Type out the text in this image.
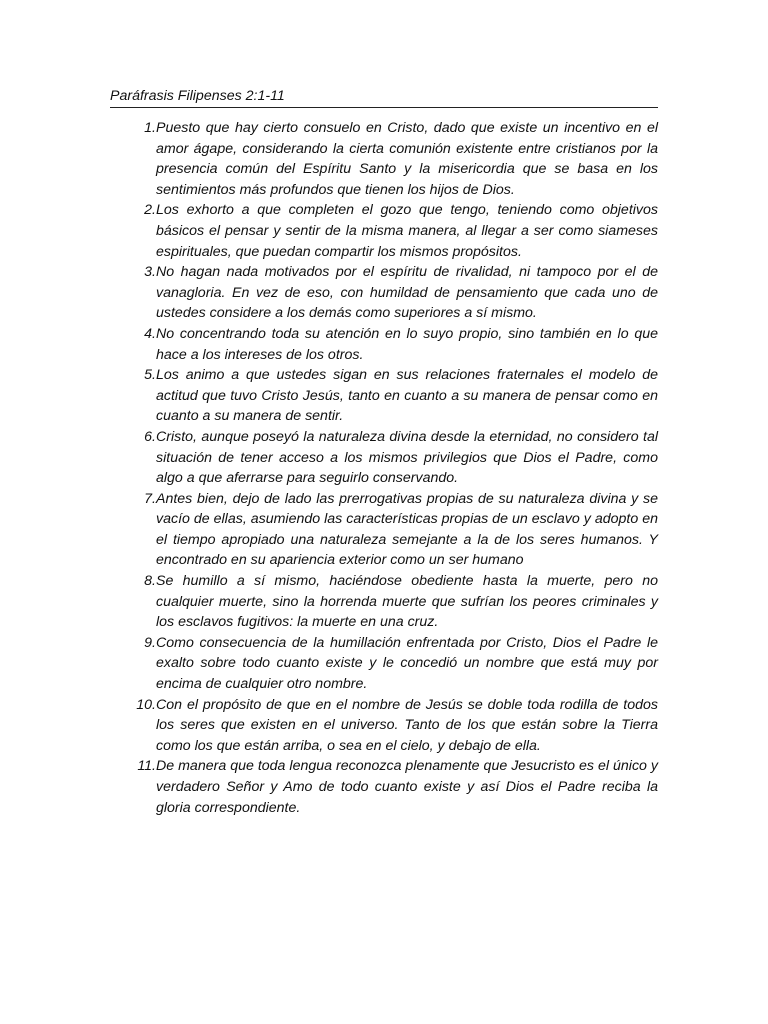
Paráfrasis Filipenses 2:1-11
1. Puesto que hay cierto consuelo en Cristo, dado que existe un incentivo en el amor ágape, considerando la cierta comunión existente entre cristianos por la presencia común del Espíritu Santo y la misericordia que se basa en los sentimientos más profundos que tienen los hijos de Dios.
2. Los exhorto a que completen el gozo que tengo, teniendo como objetivos básicos el pensar y sentir de la misma manera, al llegar a ser como siameses espirituales, que puedan compartir los mismos propósitos.
3. No hagan nada motivados por el espíritu de rivalidad, ni tampoco por el de vanagloria. En vez de eso, con humildad de pensamiento que cada uno de ustedes considere a los demás como superiores a sí mismo.
4. No concentrando toda su atención en lo suyo propio, sino también en lo que hace a los intereses de los otros.
5. Los animo a que ustedes sigan en sus relaciones fraternales el modelo de actitud que tuvo Cristo Jesús, tanto en cuanto a su manera de pensar como en cuanto a su manera de sentir.
6. Cristo, aunque poseyó la naturaleza divina desde la eternidad, no considero tal situación de tener acceso a los mismos privilegios que Dios el Padre, como algo a que aferrarse para seguirlo conservando.
7. Antes bien, dejo de lado las prerrogativas propias de su naturaleza divina y se vacío de ellas, asumiendo las características propias de un esclavo y adopto en el tiempo apropiado una naturaleza semejante a la de los seres humanos. Y encontrado en su apariencia exterior como un ser humano
8. Se humillo a sí mismo, haciéndose obediente hasta la muerte, pero no cualquier muerte, sino la horrenda muerte que sufrían los peores criminales y los esclavos fugitivos: la muerte en una cruz.
9. Como consecuencia de la humillación enfrentada por Cristo, Dios el Padre le exalto sobre todo cuanto existe y le concedió un nombre que está muy por encima de cualquier otro nombre.
10. Con el propósito de que en el nombre de Jesús se doble toda rodilla de todos los seres que existen en el universo. Tanto de los que están sobre la Tierra como los que están arriba, o sea en el cielo, y debajo de ella.
11. De manera que toda lengua reconozca plenamente que Jesucristo es el único y verdadero Señor y Amo de todo cuanto existe y así Dios el Padre reciba la gloria correspondiente.
